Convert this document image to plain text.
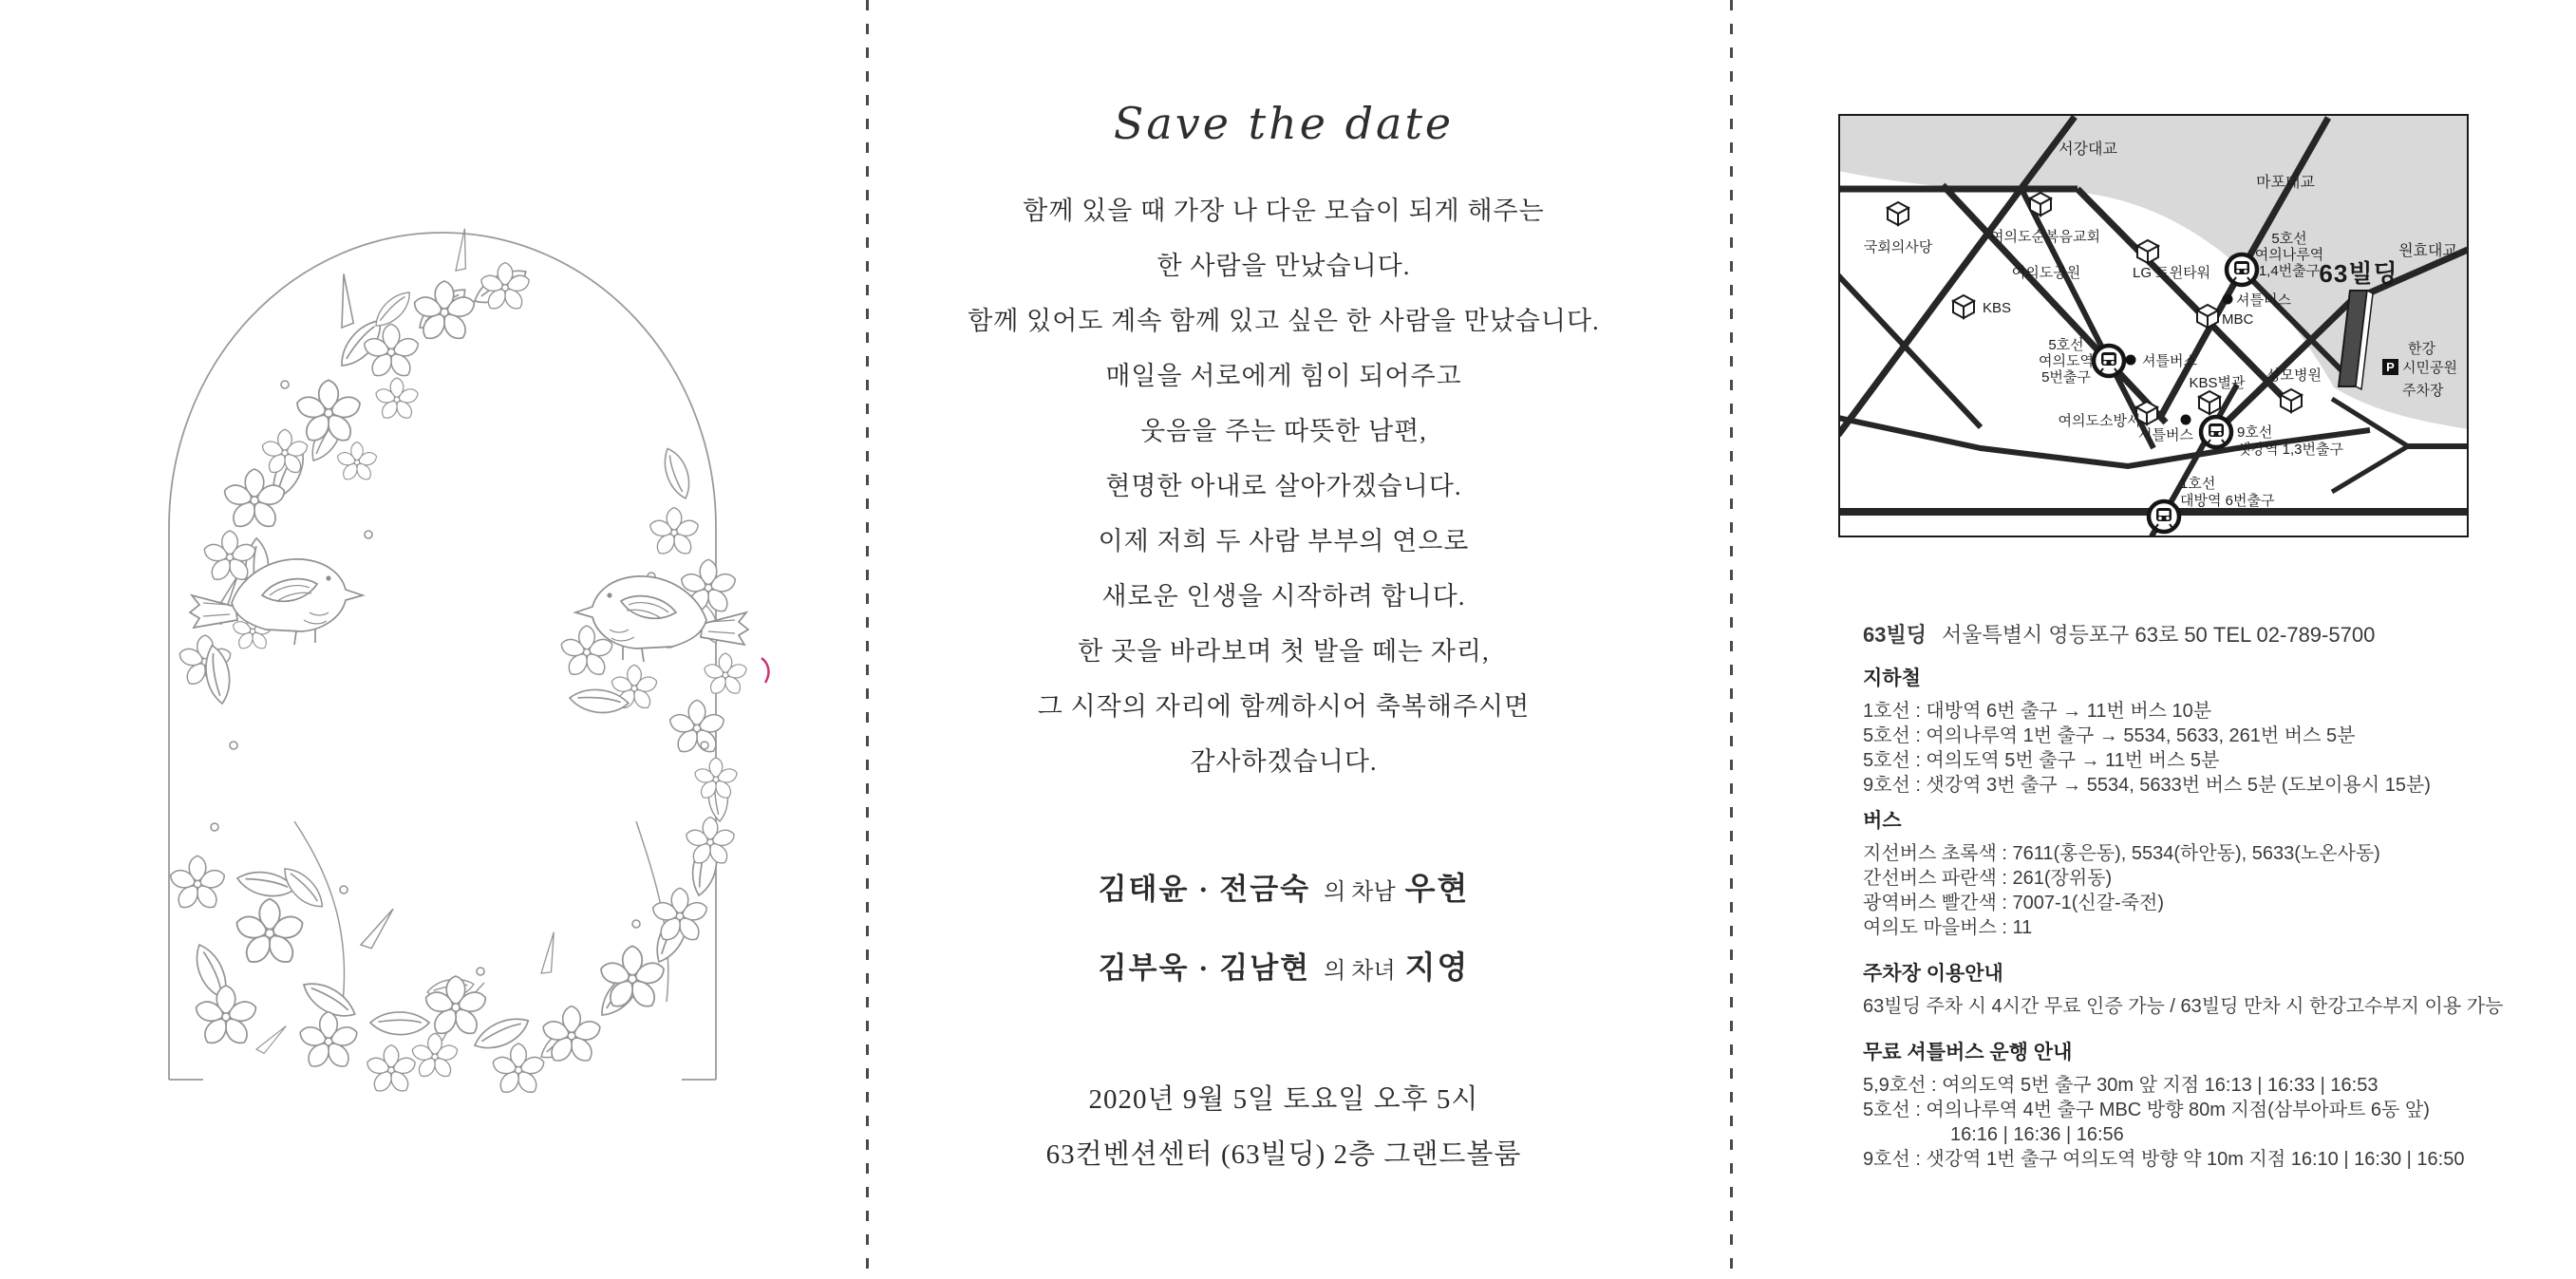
Save the date

함께 있을 때 가장 나 다운 모습이 되게 해주는

한 사람을 만났습니다.

함께 있어도 계속 함께 있고 싶은 한 사람을 만났습니다.

매일을 서로에게 힘이 되어주고

웃음을 주는 따뜻한 남편,

현명한 아내로 살아가겠습니다.

이제 저희 두 사람 부부의 연으로

새로운 인생을 시작하려 합니다.

한 곳을 바라보며 첫 발을 떼는 자리,

그 시작의 자리에 함께하시어 축복해주시면

감사하겠습니다.

김태윤 · 전금숙 의 차남 우현
김부욱 · 김남현 의 차녀 지영
2020년 9월 5일 토요일 오후 5시
63컨벤션센터 (63빌딩) 2층 그랜드볼룸
P
서강대교
마포대교
원효대교
국회의사당
여의도순복음교회
여의도공원	LG 트윈타워
KBS
MBC
KBS별관 성모병원
여의도소방서
63빌딩
셔틀버스
셔틀버스
셔틀버스
5호선
여의나루역
1,4번출구
5호선
여의도역
5번출구
9호선
샛강역 1,3번출구
1호선
대방역 6번출구
한강
시민공원
주차장
63빌딩 서울특별시 영등포구 63로 50 TEL 02-789-5700
지하철

1호선 : 대방역 6번 출구 → 11번 버스 10분

5호선 : 여의나루역 1번 출구 → 5534, 5633, 261번 버스 5분

5호선 : 여의도역 5번 출구 → 11번 버스 5분

9호선 : 샛강역 3번 출구 → 5534, 5633번 버스 5분 (도보이용시 15분)

버스

지선버스 초록색 : 7611(홍은동), 5534(하안동), 5633(노온사동)

간선버스 파란색 : 261(장위동)

광역버스 빨간색 : 7007-1(신갈-죽전)

여의도 마을버스 : 11

주차장 이용안내

63빌딩 주차 시 4시간 무료 인증 가능 / 63빌딩 만차 시 한강고수부지 이용 가능

무료 셔틀버스 운행 안내

5,9호선 : 여의도역 5번 출구 30m 앞 지점 16:13 | 16:33 | 16:53

5호선 : 여의나루역 4번 출구 MBC 방향 80m 지점(삼부아파트 6동 앞)

16:16 | 16:36 | 16:56

9호선 : 샛강역 1번 출구 여의도역 방향 약 10m 지점 16:10 | 16:30 | 16:50
